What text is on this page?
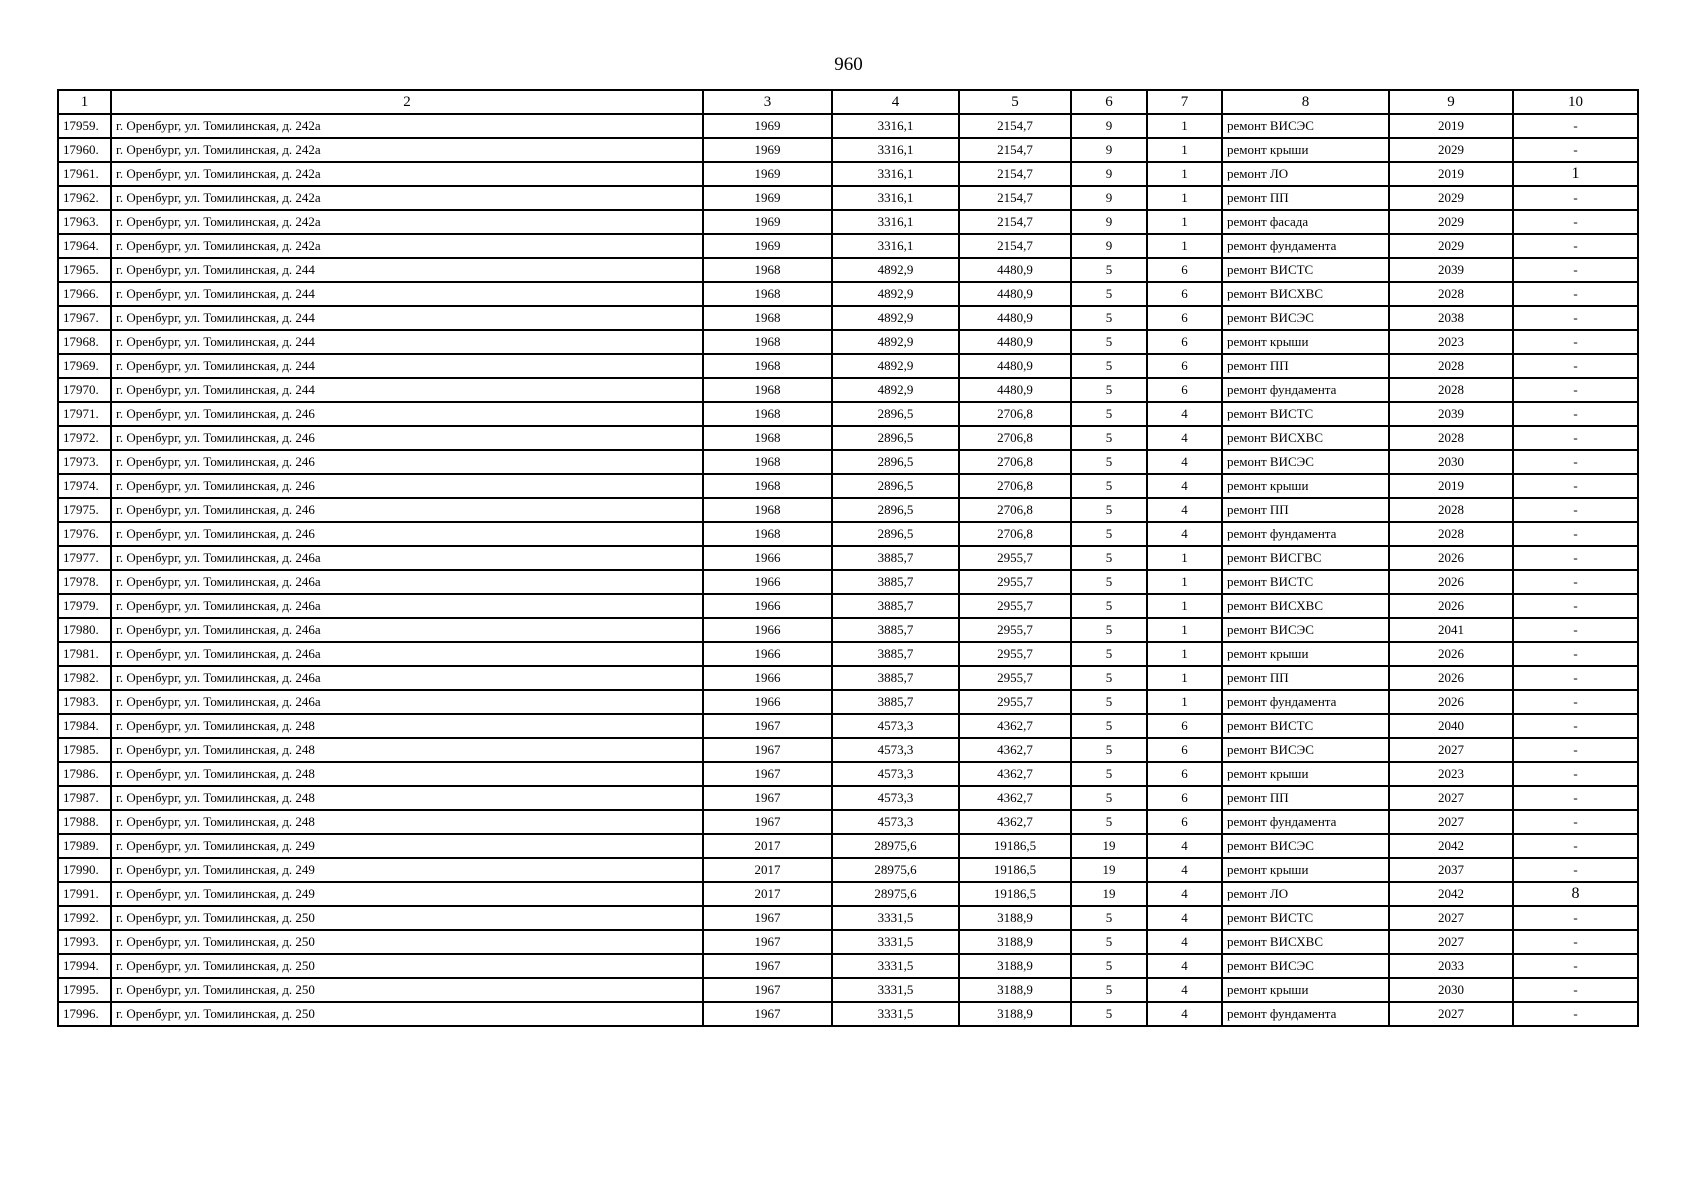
960
1	2	3	4	5	6	7	8	9	10
17959.	г. Оренбург, ул. Томилинская, д. 242а	1969	3316,1	2154,7	9	1	ремонт ВИСЭС	2019	-
17960.	г. Оренбург, ул. Томилинская, д. 242а	1969	3316,1	2154,7	9	1	ремонт крыши	2029	-
17961.	г. Оренбург, ул. Томилинская, д. 242а	1969	3316,1	2154,7	9	1	ремонт ЛО	2019	1
17962.	г. Оренбург, ул. Томилинская, д. 242а	1969	3316,1	2154,7	9	1	ремонт ПП	2029	-
17963.	г. Оренбург, ул. Томилинская, д. 242а	1969	3316,1	2154,7	9	1	ремонт фасада	2029	-
17964.	г. Оренбург, ул. Томилинская, д. 242а	1969	3316,1	2154,7	9	1	ремонт фундамента	2029	-
17965.	г. Оренбург, ул. Томилинская, д. 244	1968	4892,9	4480,9	5	6	ремонт ВИСТС	2039	-
17966.	г. Оренбург, ул. Томилинская, д. 244	1968	4892,9	4480,9	5	6	ремонт ВИСХВС	2028	-
17967.	г. Оренбург, ул. Томилинская, д. 244	1968	4892,9	4480,9	5	6	ремонт ВИСЭС	2038	-
17968.	г. Оренбург, ул. Томилинская, д. 244	1968	4892,9	4480,9	5	6	ремонт крыши	2023	-
17969.	г. Оренбург, ул. Томилинская, д. 244	1968	4892,9	4480,9	5	6	ремонт ПП	2028	-
17970.	г. Оренбург, ул. Томилинская, д. 244	1968	4892,9	4480,9	5	6	ремонт фундамента	2028	-
17971.	г. Оренбург, ул. Томилинская, д. 246	1968	2896,5	2706,8	5	4	ремонт ВИСТС	2039	-
17972.	г. Оренбург, ул. Томилинская, д. 246	1968	2896,5	2706,8	5	4	ремонт ВИСХВС	2028	-
17973.	г. Оренбург, ул. Томилинская, д. 246	1968	2896,5	2706,8	5	4	ремонт ВИСЭС	2030	-
17974.	г. Оренбург, ул. Томилинская, д. 246	1968	2896,5	2706,8	5	4	ремонт крыши	2019	-
17975.	г. Оренбург, ул. Томилинская, д. 246	1968	2896,5	2706,8	5	4	ремонт ПП	2028	-
17976.	г. Оренбург, ул. Томилинская, д. 246	1968	2896,5	2706,8	5	4	ремонт фундамента	2028	-
17977.	г. Оренбург, ул. Томилинская, д. 246а	1966	3885,7	2955,7	5	1	ремонт ВИСГВС	2026	-
17978.	г. Оренбург, ул. Томилинская, д. 246а	1966	3885,7	2955,7	5	1	ремонт ВИСТС	2026	-
17979.	г. Оренбург, ул. Томилинская, д. 246а	1966	3885,7	2955,7	5	1	ремонт ВИСХВС	2026	-
17980.	г. Оренбург, ул. Томилинская, д. 246а	1966	3885,7	2955,7	5	1	ремонт ВИСЭС	2041	-
17981.	г. Оренбург, ул. Томилинская, д. 246а	1966	3885,7	2955,7	5	1	ремонт крыши	2026	-
17982.	г. Оренбург, ул. Томилинская, д. 246а	1966	3885,7	2955,7	5	1	ремонт ПП	2026	-
17983.	г. Оренбург, ул. Томилинская, д. 246а	1966	3885,7	2955,7	5	1	ремонт фундамента	2026	-
17984.	г. Оренбург, ул. Томилинская, д. 248	1967	4573,3	4362,7	5	6	ремонт ВИСТС	2040	-
17985.	г. Оренбург, ул. Томилинская, д. 248	1967	4573,3	4362,7	5	6	ремонт ВИСЭС	2027	-
17986.	г. Оренбург, ул. Томилинская, д. 248	1967	4573,3	4362,7	5	6	ремонт крыши	2023	-
17987.	г. Оренбург, ул. Томилинская, д. 248	1967	4573,3	4362,7	5	6	ремонт ПП	2027	-
17988.	г. Оренбург, ул. Томилинская, д. 248	1967	4573,3	4362,7	5	6	ремонт фундамента	2027	-
17989.	г. Оренбург, ул. Томилинская, д. 249	2017	28975,6	19186,5	19	4	ремонт ВИСЭС	2042	-
17990.	г. Оренбург, ул. Томилинская, д. 249	2017	28975,6	19186,5	19	4	ремонт крыши	2037	-
17991.	г. Оренбург, ул. Томилинская, д. 249	2017	28975,6	19186,5	19	4	ремонт ЛО	2042	8
17992.	г. Оренбург, ул. Томилинская, д. 250	1967	3331,5	3188,9	5	4	ремонт ВИСТС	2027	-
17993.	г. Оренбург, ул. Томилинская, д. 250	1967	3331,5	3188,9	5	4	ремонт ВИСХВС	2027	-
17994.	г. Оренбург, ул. Томилинская, д. 250	1967	3331,5	3188,9	5	4	ремонт ВИСЭС	2033	-
17995.	г. Оренбург, ул. Томилинская, д. 250	1967	3331,5	3188,9	5	4	ремонт крыши	2030	-
17996.	г. Оренбург, ул. Томилинская, д. 250	1967	3331,5	3188,9	5	4	ремонт фундамента	2027	-
